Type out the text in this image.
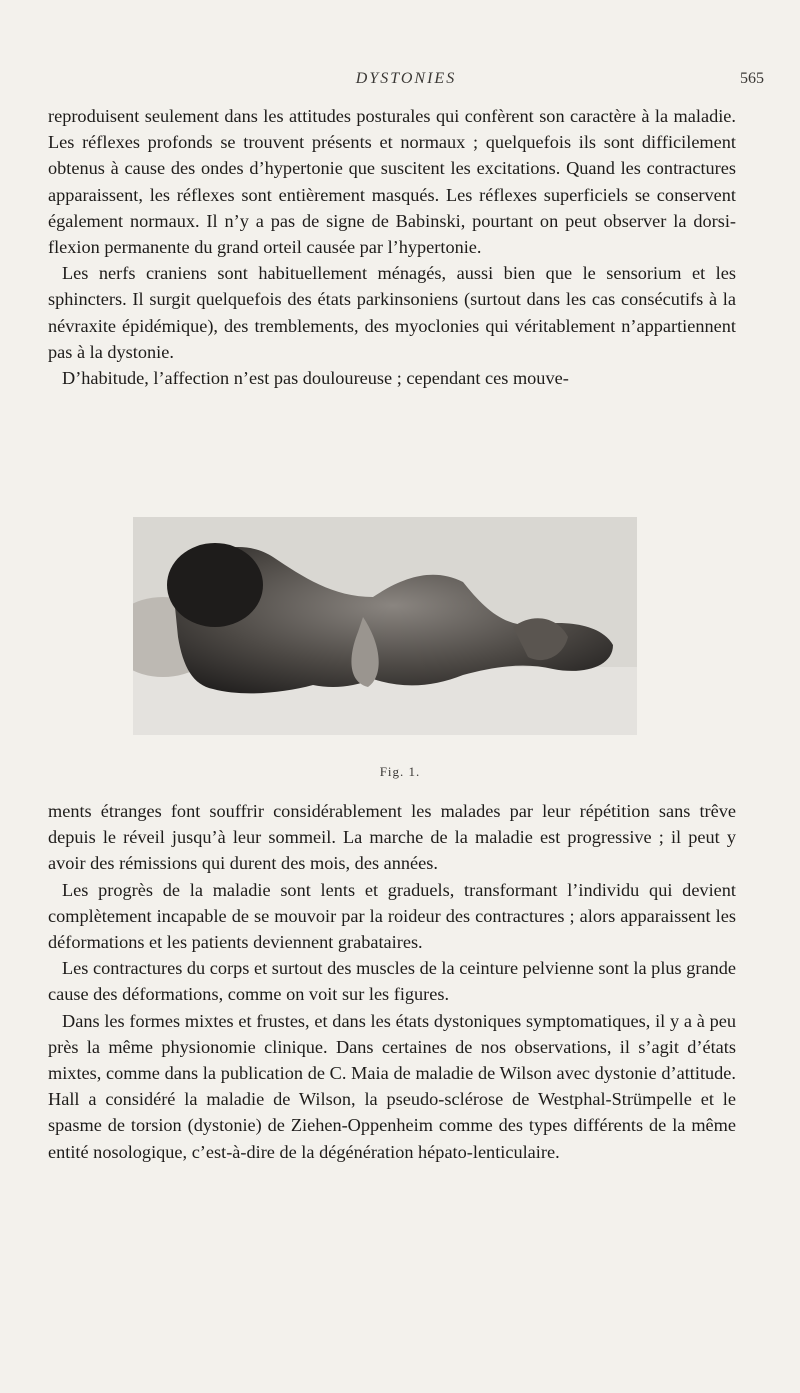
DYSTONIES	565

reproduisent seulement dans les attitudes posturales qui confèrent son caractère à la maladie. Les réflexes profonds se trouvent présents et normaux ; quelquefois ils sont difficilement obtenus à cause des ondes d’hypertonie que suscitent les excitations. Quand les contractures apparaissent, les réflexes sont entièrement masqués. Les réflexes superficiels se conservent également normaux. Il n’y a pas de signe de Babinski, pourtant on peut observer la dorsi-flexion permanente du grand orteil causée par l’hypertonie.

Les nerfs craniens sont habituellement ménagés, aussi bien que le sensorium et les sphincters. Il surgit quelquefois des états parkinsoniens (surtout dans les cas consécutifs à la névraxite épidémique), des tremblements, des myoclonies qui véritablement n’appartiennent pas à la dystonie.

D’habitude, l’affection n’est pas douloureuse ; cependant ces mouve-

Fig. 1.

ments étranges font souffrir considérablement les malades par leur répétition sans trêve depuis le réveil jusqu’à leur sommeil. La marche de la maladie est progressive ; il peut y avoir des rémissions qui durent des mois, des années.

Les progrès de la maladie sont lents et graduels, transformant l’individu qui devient complètement incapable de se mouvoir par la roideur des contractures ; alors apparaissent les déformations et les patients deviennent grabataires.

Les contractures du corps et surtout des muscles de la ceinture pelvienne sont la plus grande cause des déformations, comme on voit sur les figures.

Dans les formes mixtes et frustes, et dans les états dystoniques symptomatiques, il y a à peu près la même physionomie clinique. Dans certaines de nos observations, il s’agit d’états mixtes, comme dans la publication de C. Maia de maladie de Wilson avec dystonie d’attitude. Hall a considéré la maladie de Wilson, la pseudo-sclérose de Westphal-Strümpelle et le spasme de torsion (dystonie) de Ziehen-Oppenheim comme des types différents de la même entité nosologique, c’est-à-dire de la dégénération hépato-lenticulaire.
